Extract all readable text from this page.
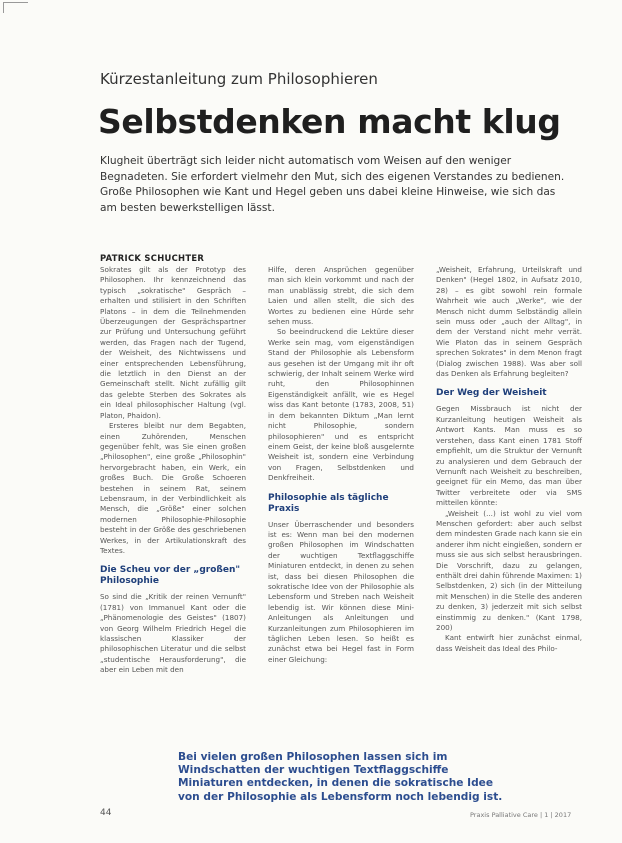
Kürzestanleitung zum Philosophieren
Selbstdenken macht klug

Klugheit überträgt sich leider nicht automatisch vom Weisen auf den weniger Begnadeten. Sie erfordert vielmehr den Mut, sich des eigenen Verstandes zu bedienen. Große Philosophen wie Kant und Hegel geben uns dabei kleine Hinweise, wie sich das am besten bewerkstelligen lässt.

PATRICK SCHUCHTER

Sokrates gilt als der Prototyp des Philosophen. Ihr kennzeichnend das typisch „sokratische" Gespräch – erhalten und stilisiert in den Schriften Platons – in dem die Teilnehmenden Überzeugungen der Gesprächspartner zur Prüfung und Untersuchung geführt werden, das Fragen nach der Tugend, der Weisheit, des Nichtwissens und einer entsprechenden Lebensführung, die letztlich in den Dienst an der Gemeinschaft stellt. Nicht zufällig gilt das gelebte Sterben des Sokrates als ein Ideal philosophischer Haltung (vgl. Platon, Phaidon).

Ersteres bleibt nur dem Begabten, einen Zuhörenden, Menschen gegenüber fehlt, was Sie einen großen „Philosophen", eine große „Philosophin" hervorgebracht haben, ein Werk, ein großes Buch. Die Große Schoeren bestehen in seinem Rat, seinem Lebensraum, in der Verbindlichkeit als Mensch, die „Größe" einer solchen modernen Philosophie-Philosophie besteht in der Größe des geschriebenen Werkes, in der Artikulationskraft des Textes.

Die Scheu vor der „großen" Philosophie

So sind die „Kritik der reinen Vernunft" (1781) von Immanuel Kant oder die „Phänomenologie des Geistes" (1807) von Georg Wilhelm Friedrich Hegel die klassischen Klassiker der philosophischen Literatur und die selbst „studentische Herausforderung", die aber ein Leben mit den

Hilfe, deren Ansprüchen gegenüber man sich klein vorkommt und nach der man unablässig strebt, die sich dem Laien und allen stellt, die sich des Wortes zu bedienen eine Hürde sehr sehen muss.

So beeindruckend die Lektüre dieser Werke sein mag, vom eigenständigen Stand der Philosophie als Lebensform aus gesehen ist der Umgang mit ihr oft schwierig, der Inhalt seinem Werke wird ruht, den Philosophinnen Eigenständigkeit anfällt, wie es Hegel wiss das Kant betonte (1783, 2008, 51) in dem bekannten Diktum „Man lernt nicht Philosophie, sondern philosophieren" und es entspricht einem Geist, der keine bloß ausgelernte Weisheit ist, sondern eine Verbindung von Fragen, Selbstdenken und Denkfreiheit.

Philosophie als tägliche Praxis

Unser Überraschender und besonders ist es: Wenn man bei den modernen großen Philosophen im Windschatten der wuchtigen Textflaggschiffe Miniaturen entdeckt, in denen zu sehen ist, dass bei diesen Philosophen die sokratische Idee von der Philosophie als Lebensform und Streben nach Weisheit lebendig ist. Wir können diese Mini-Anleitungen als Anleitungen und Kurzanleitungen zum Philosophieren im täglichen Leben lesen. So heißt es zunächst etwa bei Hegel fast in Form einer Gleichung:

„Weisheit, Erfahrung, Urteilskraft und Denken" (Hegel 1802, in Aufsatz 2010, 28) – es gibt sowohl rein formale Wahrheit wie auch „Werke", wie der Mensch nicht dumm Selbständig allein sein muss oder „auch der Alltag", in dem der Verstand nicht mehr verrät. Wie Platon das in seinem Gespräch sprechen Sokrates" in dem Menon fragt (Dialog zwischen 1988). Was aber soll das Denken als Erfahrung begleiten?

Der Weg der Weisheit

Gegen Missbrauch ist nicht der Kurzanleitung heutigen Weisheit als Antwort Kants. Man muss es so verstehen, dass Kant einen 1781 Stoff empfiehlt, um die Struktur der Vernunft zu analysieren und dem Gebrauch der Vernunft nach Weisheit zu beschreiben, geeignet für ein Memo, das man über Twitter verbreitete oder via SMS mitteilen könnte:

„Weisheit (...) ist wohl zu viel vom Menschen gefordert: aber auch selbst dem mindesten Grade nach kann sie ein anderer ihm nicht eingießen, sondern er muss sie aus sich selbst herausbringen. Die Vorschrift, dazu zu gelangen, enthält drei dahin führende Maximen: 1) Selbstdenken, 2) sich (in der Mitteilung mit Menschen) in die Stelle des anderen zu denken, 3) jederzeit mit sich selbst einstimmig zu denken." (Kant 1798, 200)

Kant entwirft hier zunächst einmal, dass Weisheit das Ideal des Philo-

Bei vielen großen Philosophen lassen sich im Windschatten der wuchtigen Textflaggschiffe Miniaturen entdecken, in denen die sokratische Idee von der Philosophie als Lebensform noch lebendig ist.

44	Praxis Palliative Care | 1 | 2017
